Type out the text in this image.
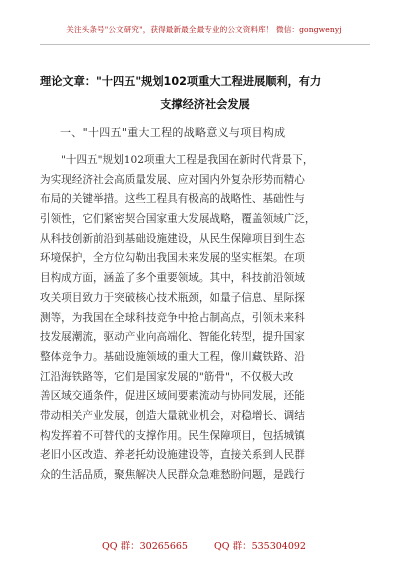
关注头条号"公文研究"，获得最新最全最专业的公文资料库！ 微信：gongwenyj
理论文章："十四五"规划102项重大工程进展顺利，有力
支撑经济社会发展
一、"十四五"重大工程的战略意义与项目构成
"十四五"规划102项重大工程是我国在新时代背景下，
为实现经济社会高质量发展、应对国内外复杂形势而精心
布局的关键举措。这些工程具有极高的战略性、基础性与
引领性，它们紧密契合国家重大发展战略，覆盖领域广泛，
从科技创新前沿到基础设施建设，从民生保障项目到生态
环境保护，全方位勾勒出我国未来发展的坚实框架。在项
目构成方面，涵盖了多个重要领域。其中，科技前沿领域
攻关项目致力于突破核心技术瓶颈，如量子信息、星际探
测等，为我国在全球科技竞争中抢占制高点，引领未来科
技发展潮流，驱动产业向高端化、智能化转型，提升国家
整体竞争力。基础设施领域的重大工程，像川藏铁路、沿
江沿海铁路等，它们是国家发展的"筋骨"，不仅极大改
善区域交通条件，促进区域间要素流动与协同发展，还能
带动相关产业发展，创造大量就业机会，对稳增长、调结
构发挥着不可替代的支撑作用。民生保障项目，包括城镇
老旧小区改造、养老托幼设施建设等，直接关系到人民群
众的生活品质，聚焦解决人民群众急难愁盼问题，是践行
QQ 群：30265665	QQ 群：535304092
